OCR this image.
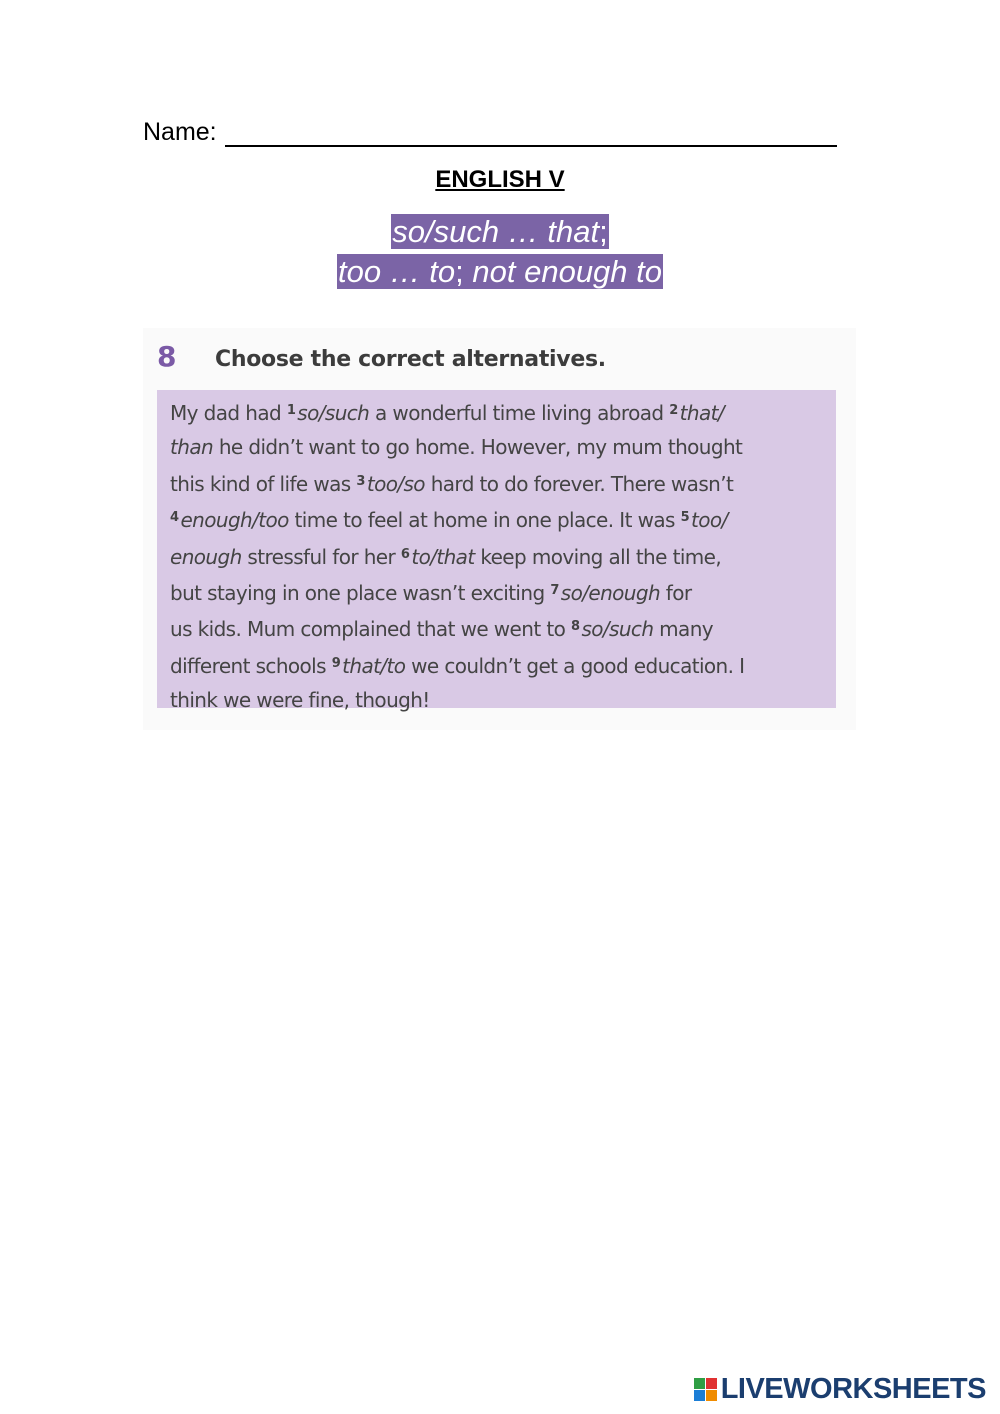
Name:
ENGLISH V
so/such … that;
too … to; not enough to
8	Choose the correct alternatives.
My dad had $^1$ so/such a wonderful time living abroad $^2$ that/
than he didn’t want to go home. However, my mum thought
this kind of life was $^3$ too/so hard to do forever. There wasn’t
$^4$ enough/too time to feel at home in one place. It was $^5$ too/
enough stressful for her $^6$ to/that keep moving all the time,
but staying in one place wasn’t exciting $^7$ so/enough for
us kids. Mum complained that we went to $^8$ so/such many
different schools $^9$ that/to we couldn’t get a good education. I
think we were fine, though!
LIVEWORKSHEETS
